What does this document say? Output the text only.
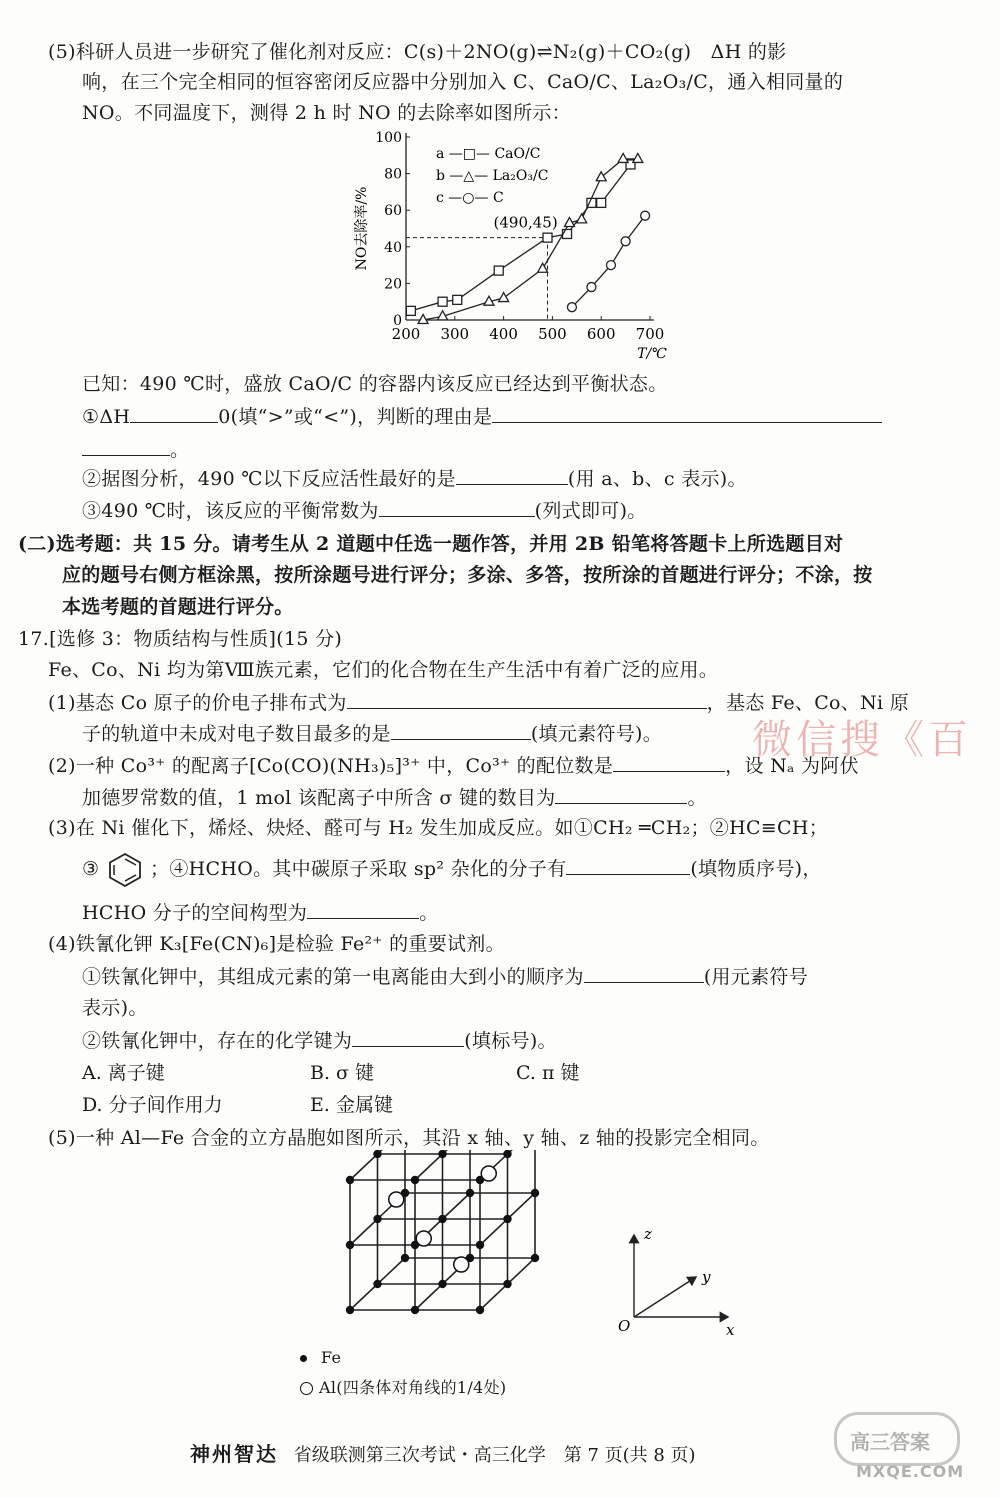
(5)科研人员进一步研究了催化剂对反应：C(s)＋2NO(g)⇌N₂(g)＋CO₂(g)　ΔH 的影
响，在三个完全相同的恒容密闭反应器中分别加入 C、CaO/C、La₂O₃/C，通入相同量的
NO。不同温度下，测得 2 h 时 NO 的去除率如图所示：
200 300 400 500 600 700
0
20
40
60
80
100
NO去除率/%
T/℃
(490,45)
a —□— CaO/C
b —△— La₂O₃/C
c —○— C
已知：490 ℃时，盛放 CaO/C 的容器内该反应已经达到平衡状态。
①ΔH	0(填“>”或“<”)，判断的理由是
。
②据图分析，490 ℃以下反应活性最好的是	(用 a、b、c 表示)。
③490 ℃时，该反应的平衡常数为	(列式即可)。
(二)选考题：共 15 分。请考生从 2 道题中任选一题作答，并用 2B 铅笔将答题卡上所选题目对
应的题号右侧方框涂黑，按所涂题号进行评分；多涂、多答，按所涂的首题进行评分；不涂，按
本选考题的首题进行评分。
17.[选修 3：物质结构与性质](15 分)
Fe、Co、Ni 均为第Ⅷ族元素，它们的化合物在生产生活中有着广泛的应用。
(1)基态 Co 原子的价电子排布式为	，基态 Fe、Co、Ni 原
子的轨道中未成对电子数目最多的是	(填元素符号)。
(2)一种 Co³⁺ 的配离子[Co(CO)(NH₃)₅]³⁺ 中，Co³⁺ 的配位数是	，设 Nₐ 为阿伏
加德罗常数的值，1 mol 该配离子中所含 σ 键的数目为	。
(3)在 Ni 催化下，烯烃、炔烃、醛可与 H₂ 发生加成反应。如①CH₂ ═CH₂；②HC≡CH；
③	；④HCHO。其中碳原子采取 sp² 杂化的分子有	(填物质序号)，
HCHO 分子的空间构型为	。
(4)铁氰化钾 K₃[Fe(CN)₆]是检验 Fe²⁺ 的重要试剂。
①铁氰化钾中，其组成元素的第一电离能由大到小的顺序为	(用元素符号
表示)。
②铁氰化钾中，存在的化学键为	(填标号)。
A. 离子键	B. σ 键	C. π 键
D. 分子间作用力	E. 金属键
(5)一种 Al—Fe 合金的立方晶胞如图所示，其沿 x 轴、y 轴、z 轴的投影完全相同。
z
y
x
O
Fe
Al(四条体对角线的1/4处)
微信搜《百
神州智达 省级联测第三次考试・高三化学　第 7 页(共 8 页)
高三答案
MXQE.COM
